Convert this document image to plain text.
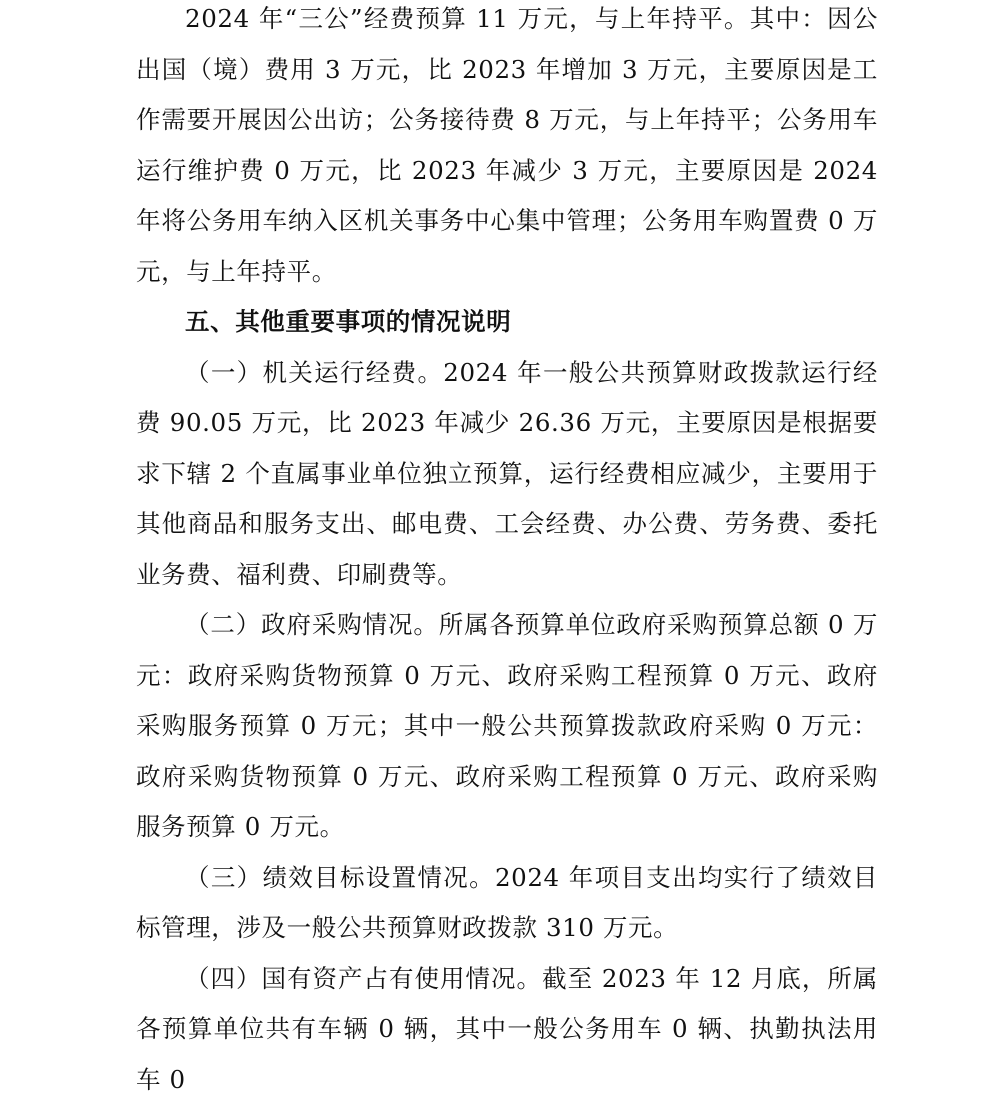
2024 年“三公”经费预算 11 万元，与上年持平。其中：因公出国（境）费用 3 万元，比 2023 年增加 3 万元，主要原因是工作需要开展因公出访；公务接待费 8 万元，与上年持平；公务用车运行维护费 0 万元，比 2023 年减少 3 万元，主要原因是 2024 年将公务用车纳入区机关事务中心集中管理；公务用车购置费 0 万元，与上年持平。

五、其他重要事项的情况说明

（一）机关运行经费。2024 年一般公共预算财政拨款运行经费 90.05 万元，比 2023 年减少 26.36 万元，主要原因是根据要求下辖 2 个直属事业单位独立预算，运行经费相应减少，主要用于其他商品和服务支出、邮电费、工会经费、办公费、劳务费、委托业务费、福利费、印刷费等。

（二）政府采购情况。所属各预算单位政府采购预算总额 0 万元：政府采购货物预算 0 万元、政府采购工程预算 0 万元、政府采购服务预算 0 万元；其中一般公共预算拨款政府采购 0 万元：政府采购货物预算 0 万元、政府采购工程预算 0 万元、政府采购服务预算 0 万元。

（三）绩效目标设置情况。2024 年项目支出均实行了绩效目标管理，涉及一般公共预算财政拨款 310 万元。

（四）国有资产占有使用情况。截至 2023 年 12 月底，所属各预算单位共有车辆 0 辆，其中一般公务用车 0 辆、执勤执法用车 0
